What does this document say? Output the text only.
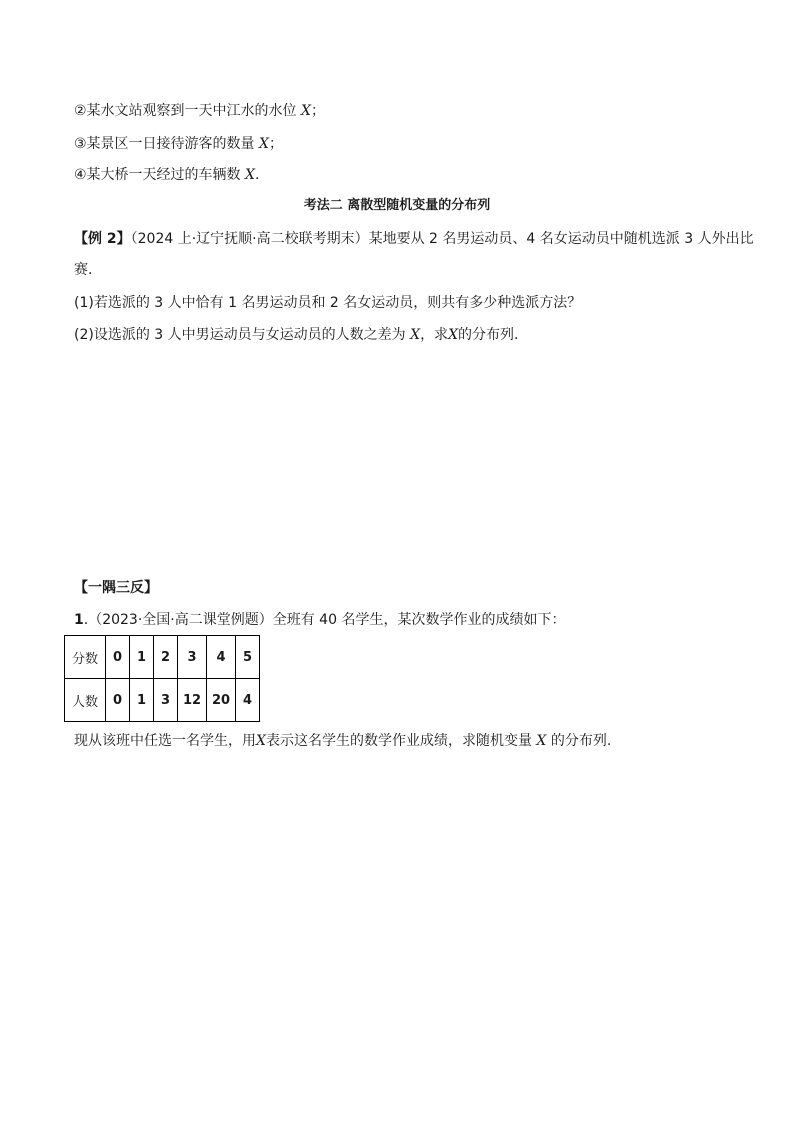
②某水文站观察到一天中江水的水位 X；
③某景区一日接待游客的数量 X；
④某大桥一天经过的车辆数 X.
考法二 离散型随机变量的分布列
【例 2】（2024 上·辽宁抚顺·高二校联考期末）某地要从 2 名男运动员、4 名女运动员中随机选派 3 人外出比
赛.
(1)若选派的 3 人中恰有 1 名男运动员和 2 名女运动员，则共有多少种选派方法？
(2)设选派的 3 人中男运动员与女运动员的人数之差为 X，求X的分布列.
【一隅三反】
1.（2023·全国·高二课堂例题）全班有 40 名学生，某次数学作业的成绩如下：
分数	0	1	2	3	4	5
人数	0	1	3	12	20	4
现从该班中任选一名学生，用X表示这名学生的数学作业成绩，求随机变量 X 的分布列.
